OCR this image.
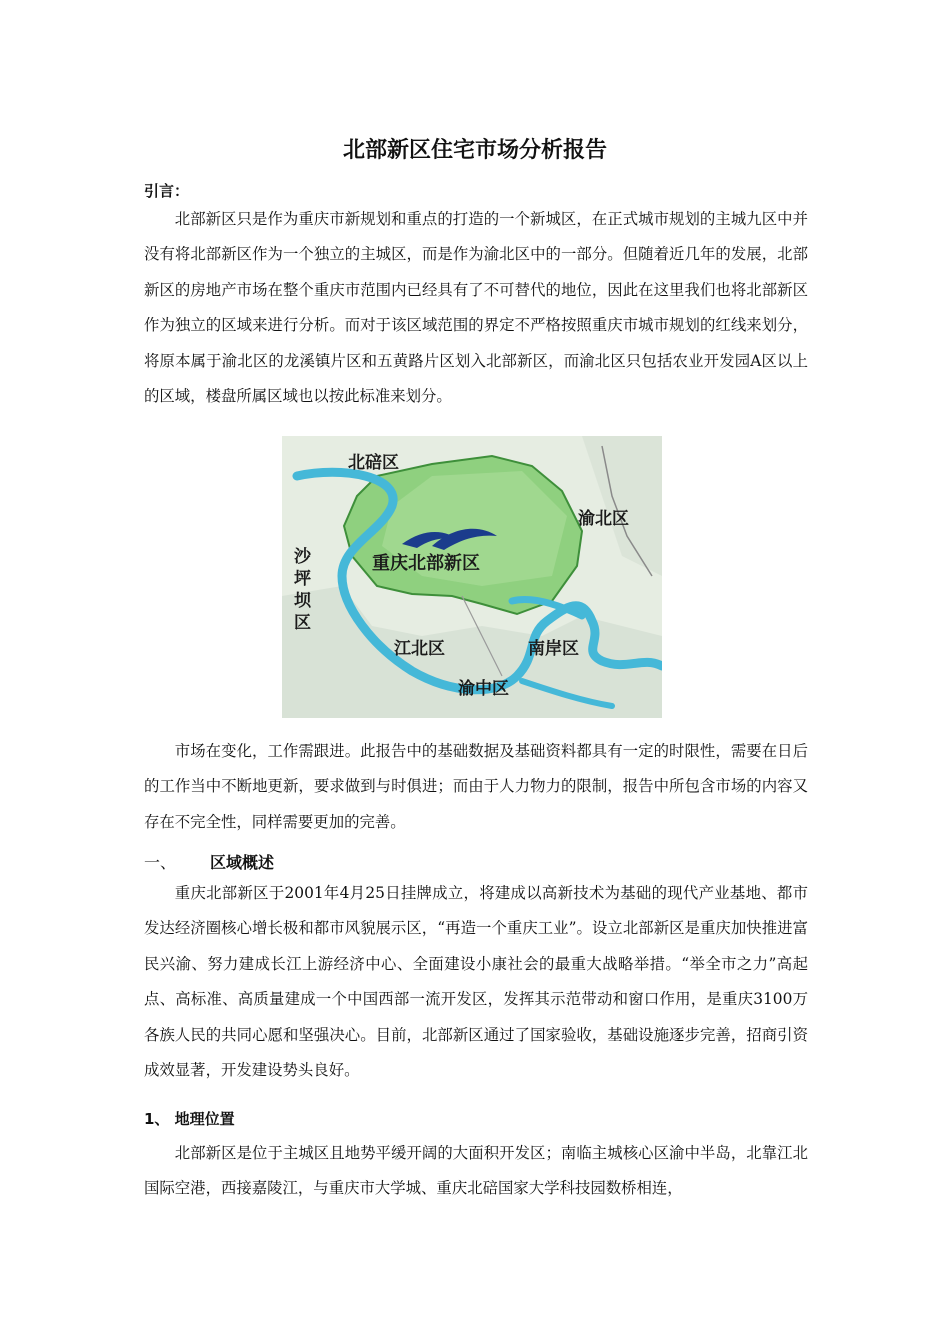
北部新区住宅市场分析报告
引言：

北部新区只是作为重庆市新规划和重点的打造的一个新城区，在正式城市规划的主城九区中并没有将北部新区作为一个独立的主城区，而是作为渝北区中的一部分。但随着近几年的发展，北部新区的房地产市场在整个重庆市范围内已经具有了不可替代的地位，因此在这里我们也将北部新区作为独立的区域来进行分析。而对于该区域范围的界定不严格按照重庆市城市规划的红线来划分，将原本属于渝北区的龙溪镇片区和五黄路片区划入北部新区，而渝北区只包括农业开发园A区以上的区域，楼盘所属区域也以按此标准来划分。

北碚区
渝北区
重庆北部新区
沙
坪
坝
区
江北区	南岸区
渝中区

市场在变化，工作需跟进。此报告中的基础数据及基础资料都具有一定的时限性，需要在日后的工作当中不断地更新，要求做到与时俱进；而由于人力物力的限制，报告中所包含市场的内容又存在不完全性，同样需要更加的完善。

一、 区域概述

重庆北部新区于2001年4月25日挂牌成立，将建成以高新技术为基础的现代产业基地、都市发达经济圈核心增长极和都市风貌展示区，“再造一个重庆工业”。设立北部新区是重庆加快推进富民兴渝、努力建成长江上游经济中心、全面建设小康社会的最重大战略举措。“举全市之力”高起点、高标准、高质量建成一个中国西部一流开发区，发挥其示范带动和窗口作用，是重庆3100万各族人民的共同心愿和坚强决心。目前，北部新区通过了国家验收，基础设施逐步完善，招商引资成效显著，开发建设势头良好。

1、 地理位置

北部新区是位于主城区且地势平缓开阔的大面积开发区；南临主城核心区渝中半岛，北靠江北国际空港，西接嘉陵江，与重庆市大学城、重庆北碚国家大学科技园数桥相连，
